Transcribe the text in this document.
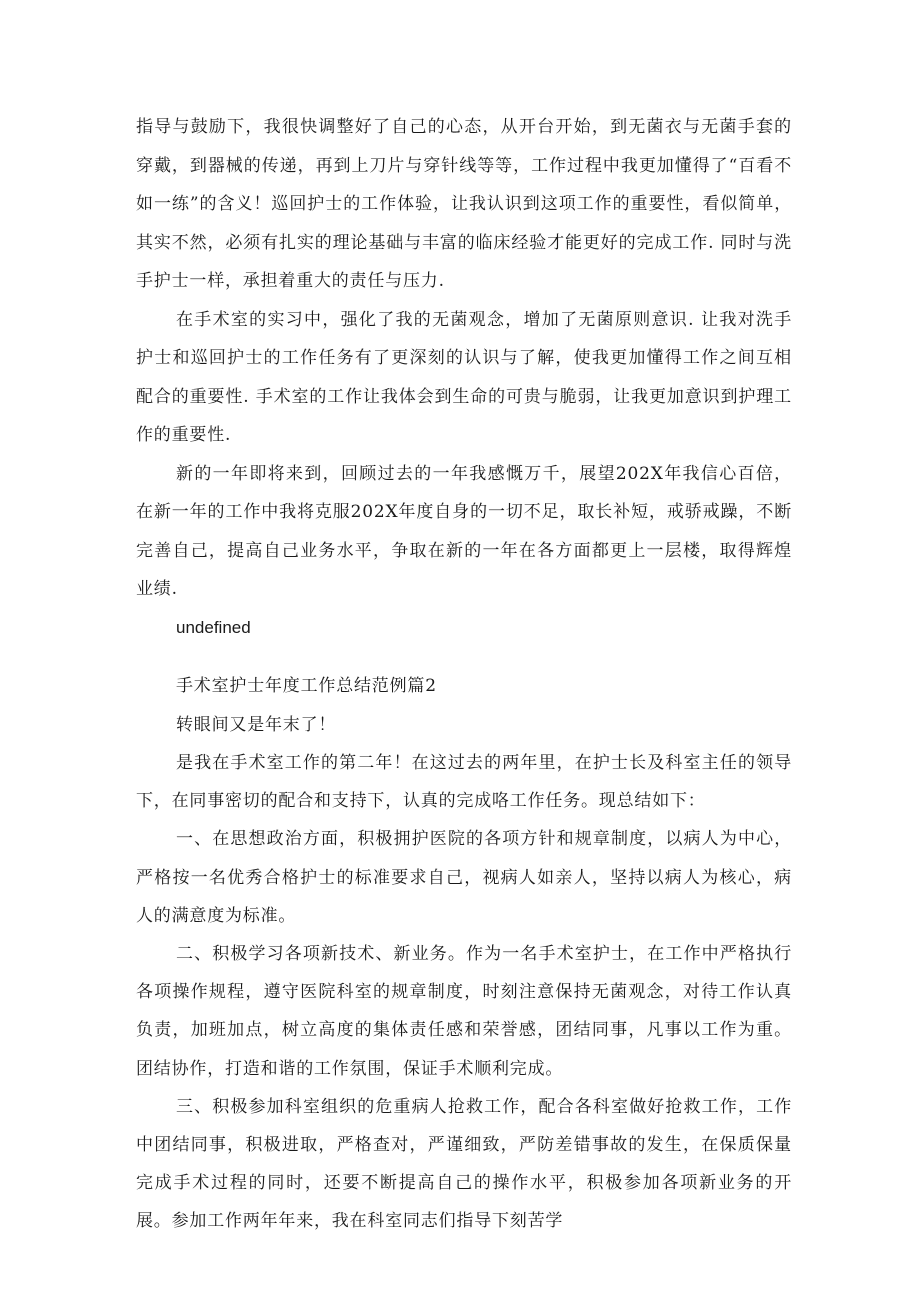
指导与鼓励下，我很快调整好了自己的心态，从开台开始，到无菌衣与无菌手套的穿戴，到器械的传递，再到上刀片与穿针线等等，工作过程中我更加懂得了“百看不如一练”的含义！巡回护士的工作体验，让我认识到这项工作的重要性，看似简单，其实不然，必须有扎实的理论基础与丰富的临床经验才能更好的完成工作. 同时与洗手护士一样，承担着重大的责任与压力.

在手术室的实习中，强化了我的无菌观念，增加了无菌原则意识. 让我对洗手护士和巡回护士的工作任务有了更深刻的认识与了解，使我更加懂得工作之间互相配合的重要性. 手术室的工作让我体会到生命的可贵与脆弱，让我更加意识到护理工作的重要性.

新的一年即将来到，回顾过去的一年我感慨万千，展望202X年我信心百倍，在新一年的工作中我将克服202X年度自身的一切不足，取长补短，戒骄戒躁，不断完善自己，提高自己业务水平，争取在新的一年在各方面都更上一层楼，取得辉煌业绩.

undefined

手术室护士年度工作总结范例篇2

转眼间又是年末了！

是我在手术室工作的第二年！在这过去的两年里，在护士长及科室主任的领导下，在同事密切的配合和支持下，认真的完成咯工作任务。现总结如下：

一、在思想政治方面，积极拥护医院的各项方针和规章制度，以病人为中心，严格按一名优秀合格护士的标准要求自己，视病人如亲人，坚持以病人为核心，病人的满意度为标准。

二、积极学习各项新技术、新业务。作为一名手术室护士，在工作中严格执行各项操作规程，遵守医院科室的规章制度，时刻注意保持无菌观念，对待工作认真负责，加班加点，树立高度的集体责任感和荣誉感，团结同事，凡事以工作为重。团结协作，打造和谐的工作氛围，保证手术顺利完成。

三、积极参加科室组织的危重病人抢救工作，配合各科室做好抢救工作，工作中团结同事，积极进取，严格查对，严谨细致，严防差错事故的发生，在保质保量完成手术过程的同时，还要不断提高自己的操作水平，积极参加各项新业务的开展。参加工作两年年来，我在科室同志们指导下刻苦学
